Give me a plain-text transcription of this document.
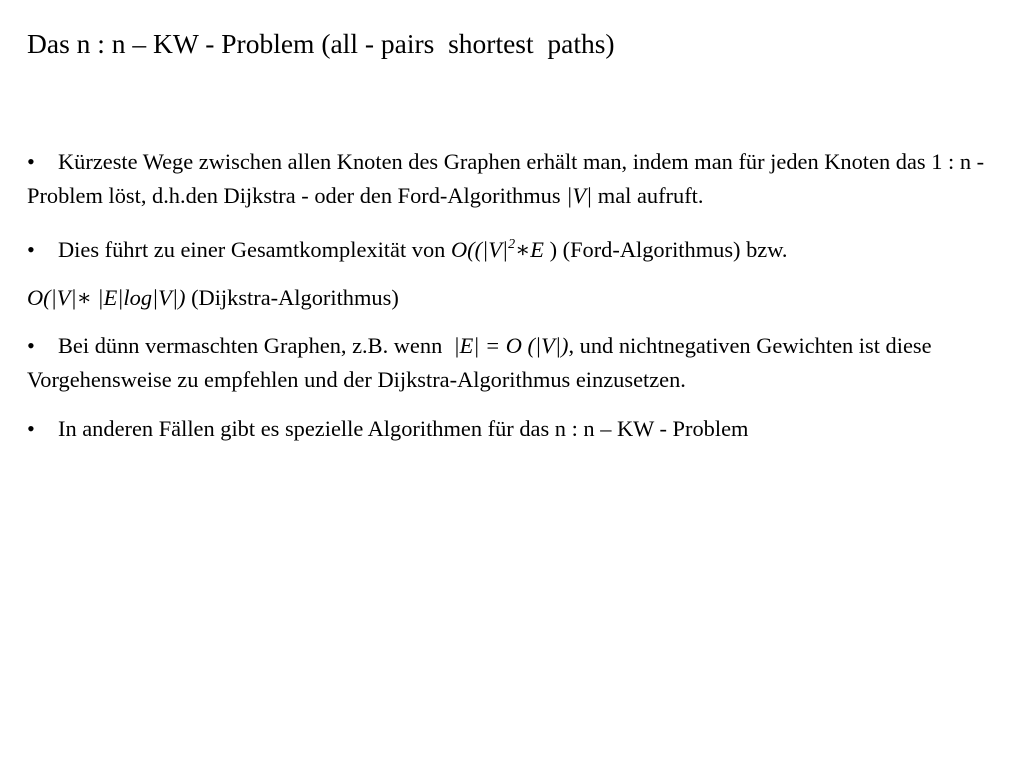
Das n : n – KW - Problem (all - pairs  shortest  paths)

• Kürzeste Wege zwischen allen Knoten des Graphen erhält man, indem man für jeden Knoten das 1 : n - Problem löst, d.h.den Dijkstra - oder den Ford-Algorithmus |V| mal aufruft.

• Dies führt zu einer Gesamtkomplexität von $O((|V|^2∗E$ ) (Ford-Algorithmus) bzw.

O(|V|∗ |E|log|V|) (Dijkstra-Algorithmus)

• Bei dünn vermaschten Graphen, z.B. wenn  |E| = O (|V|), und nichtnegativen Gewichten ist diese Vorgehensweise zu empfehlen und der Dijkstra-Algorithmus einzusetzen.

• In anderen Fällen gibt es spezielle Algorithmen für das n : n – KW - Problem
